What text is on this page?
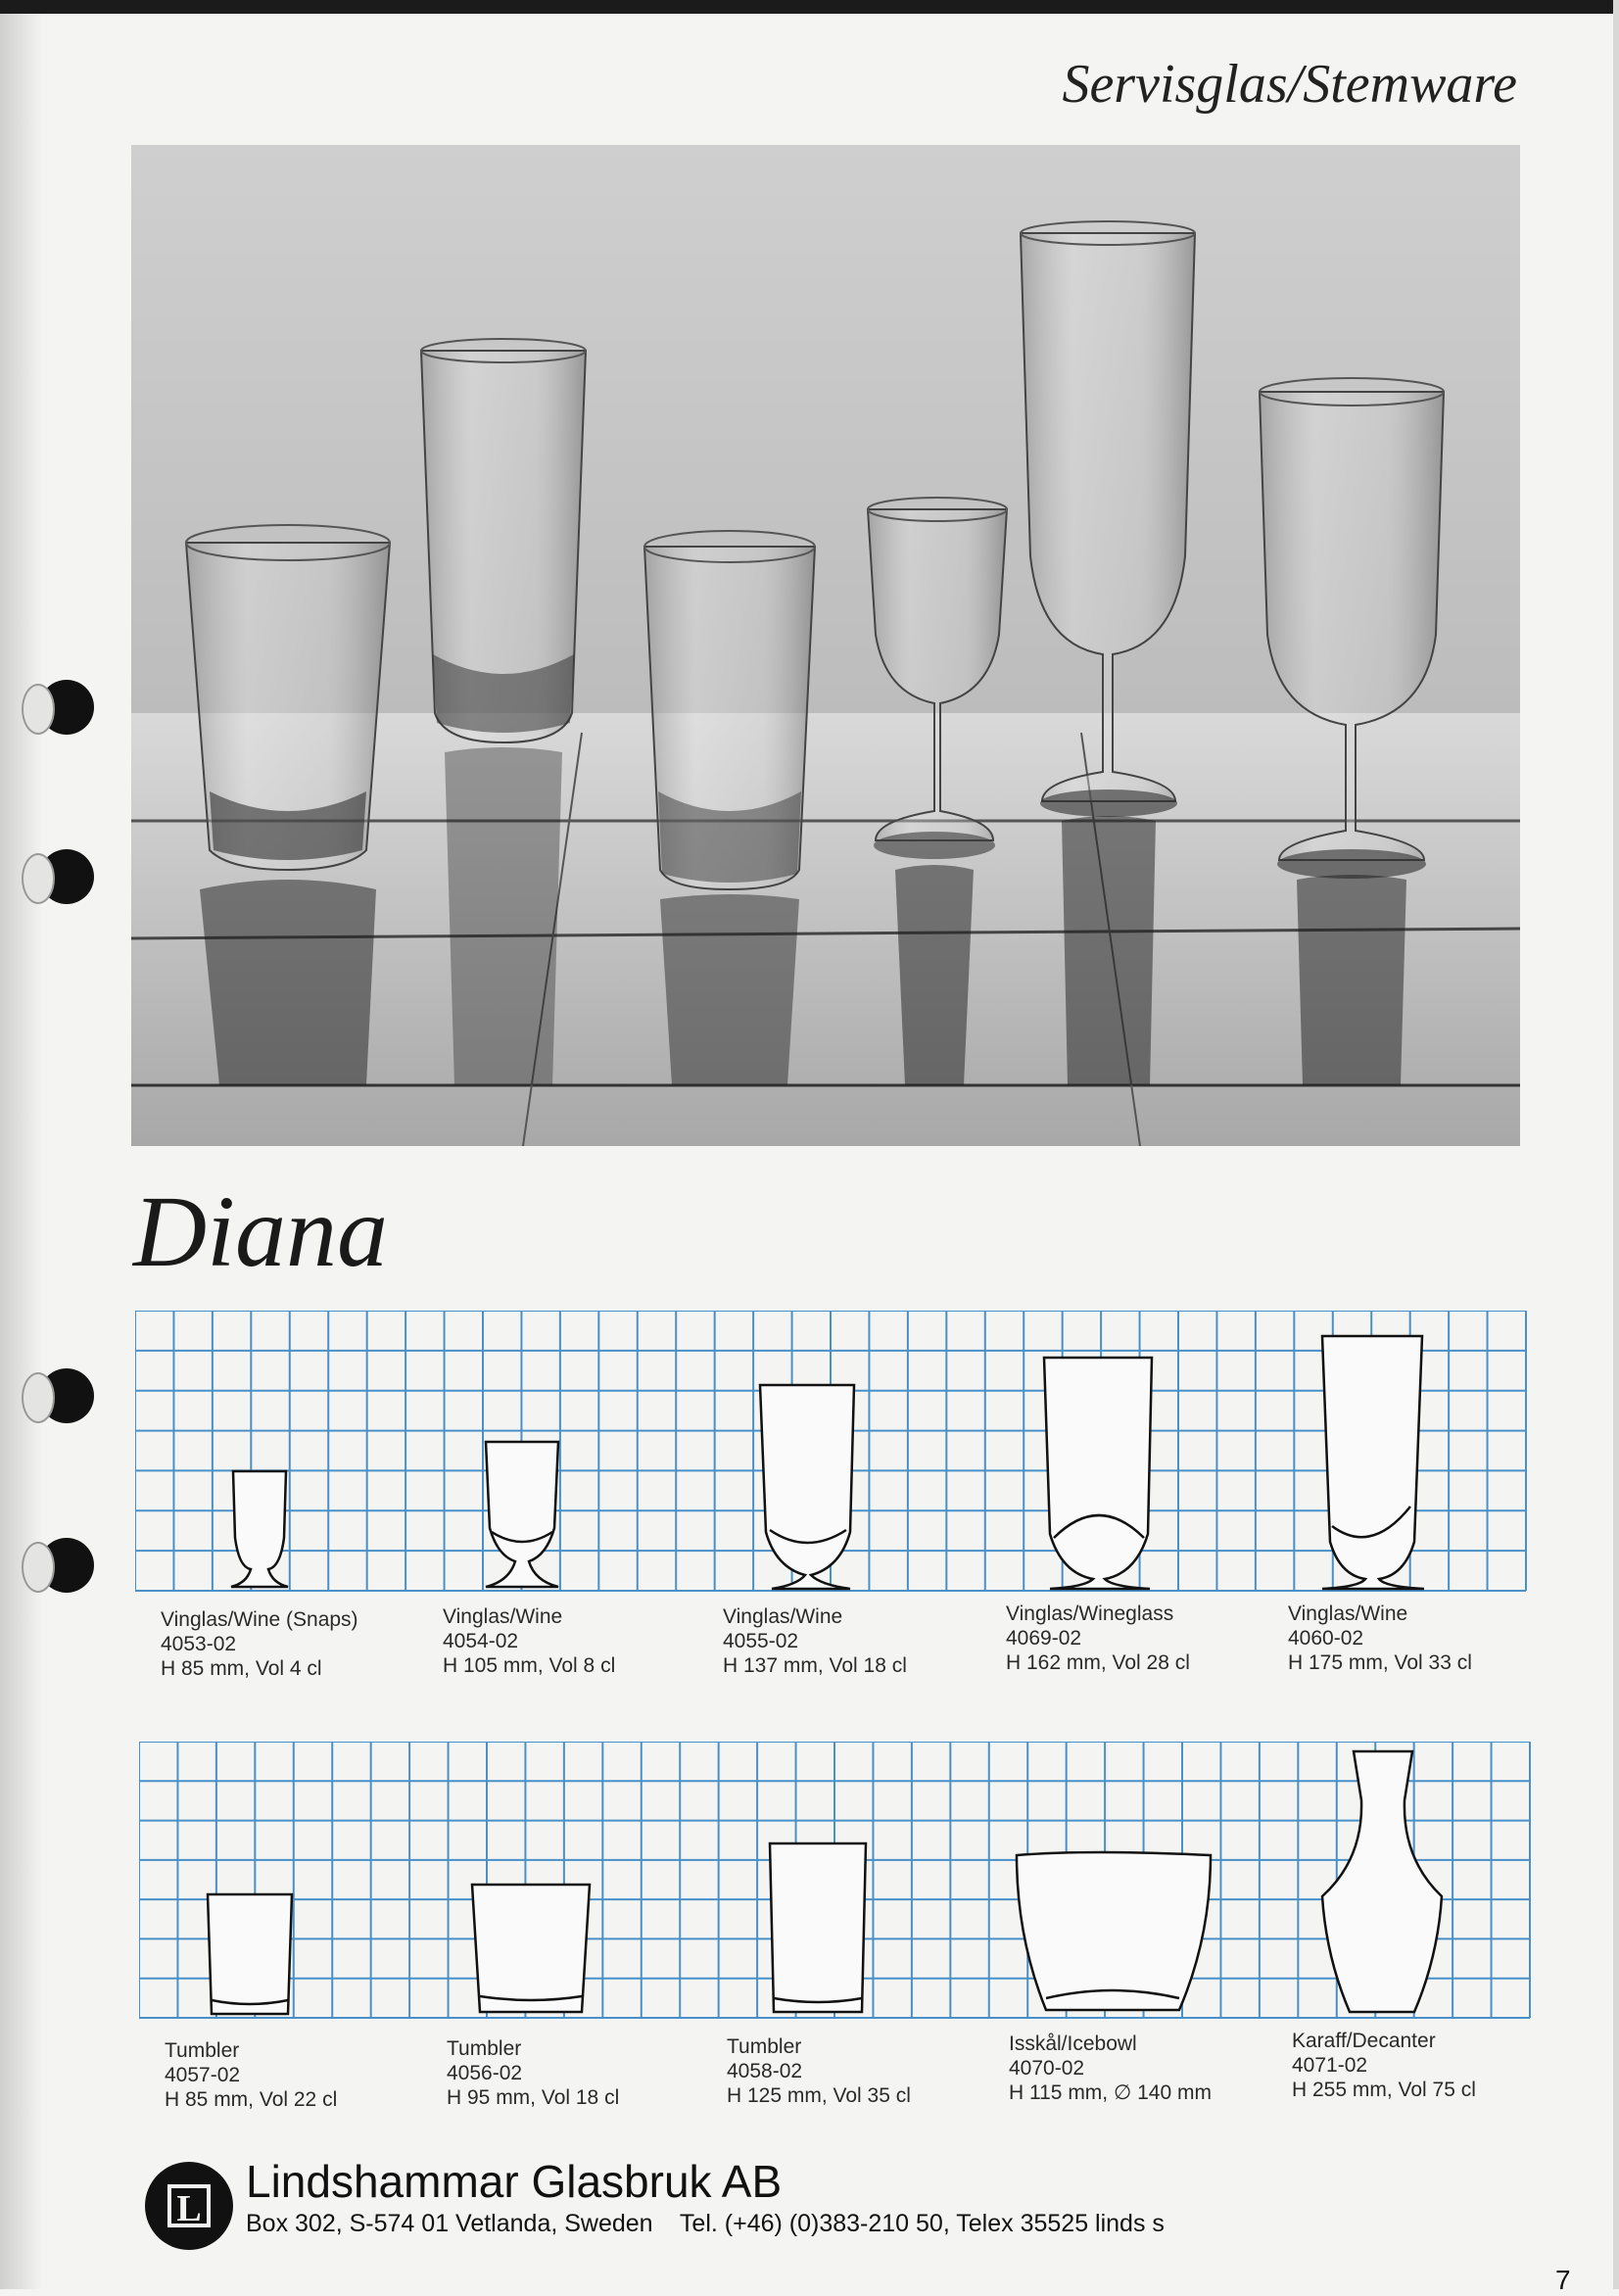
Servisglas/Stemware
Diana
Vinglas/Wine (Snaps)
4053-02
H 85 mm, Vol 4 cl
Vinglas/Wine
4054-02
H 105 mm, Vol 8 cl
Vinglas/Wine
4055-02
H 137 mm, Vol 18 cl
Vinglas/Wineglass
4069-02
H 162 mm, Vol 28 cl
Vinglas/Wine
4060-02
H 175 mm, Vol 33 cl
Tumbler
4057-02
H 85 mm, Vol 22 cl
Tumbler
4056-02
H 95 mm, Vol 18 cl
Tumbler
4058-02
H 125 mm, Vol 35 cl
Isskål/Icebowl
4070-02
H 115 mm, ∅ 140 mm
Karaff/Decanter
4071-02
H 255 mm, Vol 75 cl
L
Lindshammar Glasbruk AB
Box 302, S-574 01 Vetlanda, Sweden    Tel. (+46) (0)383-210 50, Telex 35525 linds s
7
